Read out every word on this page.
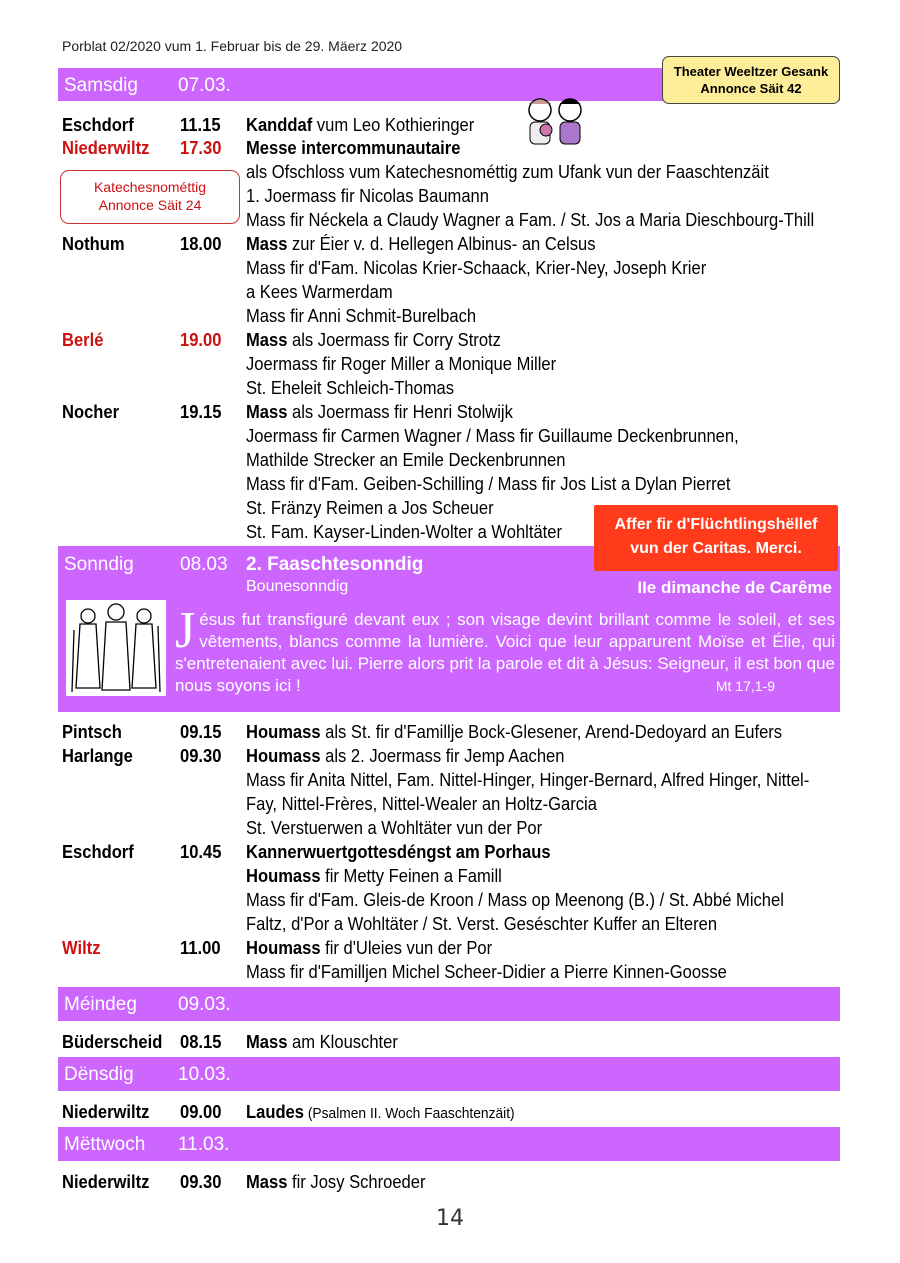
Porblat 02/2020 vum 1. Februar bis de 29. Mäerz 2020
Samsdig 07.03.
Theater Weeltzer Gesank
Annonce Säit 42
Eschdorf	11.15 Kanddaf vum Leo Kothieringer
Niederwiltz 17.30 Messe intercommunautaire
als Ofschloss vum Katechesnométtig zum Ufank vun der Faaschtenzäit
1. Joermass fir Nicolas Baumann
Mass fir Néckela a Claudy Wagner a Fam. / St. Jos a Maria Dieschbourg-Thill
Katechesnométtig
Annonce Säit 24
Nothum	18.00 Mass zur Éier v. d. Hellegen Albinus- an Celsus
Mass fir d'Fam. Nicolas Krier-Schaack, Krier-Ney, Joseph Krier
a Kees Warmerdam
Mass fir Anni Schmit-Burelbach
Berlé	19.00 Mass als Joermass fir Corry Strotz
Joermass fir Roger Miller a Monique Miller
St. Eheleit Schleich-Thomas
Nocher	19.15 Mass als Joermass fir Henri Stolwijk
Joermass fir Carmen Wagner / Mass fir Guillaume Deckenbrunnen,
Mathilde Strecker an Emile Deckenbrunnen
Mass fir d'Fam. Geiben-Schilling / Mass fir Jos List a Dylan Pierret
St. Fränzy Reimen a Jos Scheuer
St. Fam. Kayser-Linden-Wolter a Wohltäter
Sonndig 08.03 2. Faaschtesonndig
Bounesonndig	IIe dimanche de Carême
Affer fir d'Flüchtlingshëllef
vun der Caritas. Merci.
Jésus fut transfiguré devant eux ; son visage devint brillant comme le soleil, et ses vêtements, blancs comme la lumière. Voici que leur apparurent Moïse et Élie, qui s'entretenaient avec lui. Pierre alors prit la parole et dit à Jésus: Seigneur, il est bon que nous soyons ici !	Mt 17,1-9
Pintsch	09.15 Houmass als St. fir d'Famillje Bock-Glesener, Arend-Dedoyard an Eufers
Harlange	09.30 Houmass als 2. Joermass fir Jemp Aachen
Mass fir Anita Nittel, Fam. Nittel-Hinger, Hinger-Bernard, Alfred Hinger, Nittel-
Fay, Nittel-Frères, Nittel-Wealer an Holtz-Garcia
St. Verstuerwen a Wohltäter vun der Por
Eschdorf	10.45 Kannerwuertgottesdéngst am Porhaus
Houmass fir Metty Feinen a Famill
Mass fir d'Fam. Gleis-de Kroon / Mass op Meenong (B.) / St. Abbé Michel
Faltz, d'Por a Wohltäter / St. Verst. Geséschter Kuffer an Elteren
Wiltz	11.00 Houmass fir d'Uleies vun der Por
Mass fir d'Familljen Michel Scheer-Didier a Pierre Kinnen-Goosse
Méindeg 09.03.
Büderscheid 08.15 Mass am Klouschter
Dënsdig 10.03.
Niederwiltz 09.00 Laudes (Psalmen II. Woch Faaschtenzäit)
Mëttwoch 11.03.
Niederwiltz 09.30 Mass fir Josy Schroeder
14
